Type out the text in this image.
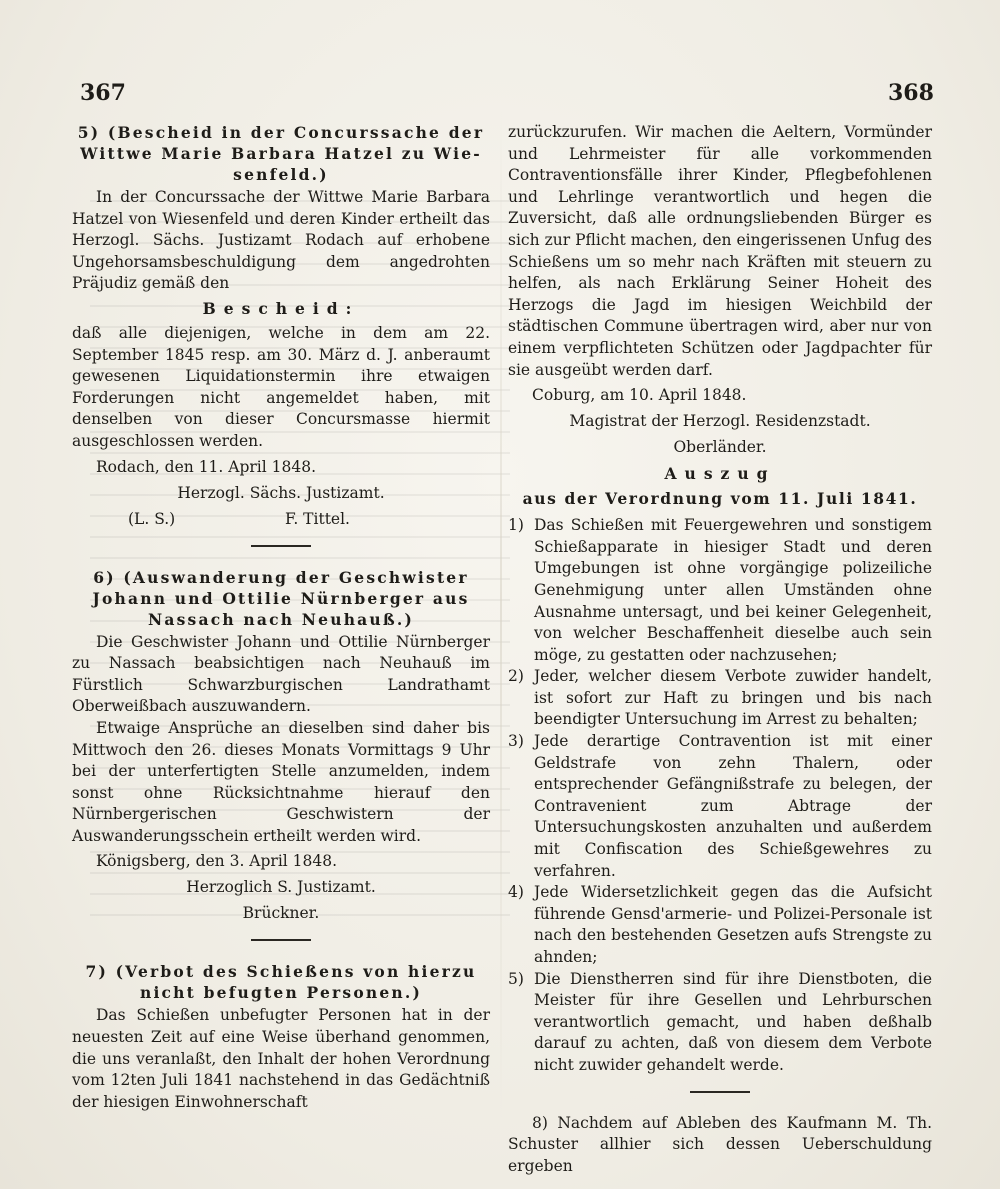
367	368

5) (Bescheid in der Concurssache der Wittwe Marie Barbara Hatzel zu Wie-senfeld.)

In der Concurssache der Wittwe Marie Barbara Hatzel von Wiesenfeld und deren Kinder ertheilt das Herzogl. Sächs. Justizamt Rodach auf erhobene Ungehorsamsbeschuldigung dem angedrohten Präjudiz gemäß den

Bescheid:

daß alle diejenigen, welche in dem am 22. September 1845 resp. am 30. März d. J. anberaumt gewesenen Liquidationstermin ihre etwaigen Forderungen nicht angemeldet haben, mit denselben von dieser Concursmasse hiermit ausgeschlossen werden.

Rodach, den 11. April 1848.

Herzogl. Sächs. Justizamt.

(L. S.)	F. Tittel.

6) (Auswanderung der Geschwister Johann und Ottilie Nürnberger aus Nassach nach Neuhauß.)

Die Geschwister Johann und Ottilie Nürnberger zu Nassach beabsichtigen nach Neuhauß im Fürstlich Schwarzburgischen Landrathamt Oberweißbach auszuwandern.

Etwaige Ansprüche an dieselben sind daher bis Mittwoch den 26. dieses Monats Vormittags 9 Uhr bei der unterfertigten Stelle anzumelden, indem sonst ohne Rücksichtnahme hierauf den Nürnbergerischen Geschwistern der Auswanderungsschein ertheilt werden wird.

Königsberg, den 3. April 1848.

Herzoglich S. Justizamt.

Brückner.

7) (Verbot des Schießens von hierzu nicht befugten Personen.)

Das Schießen unbefugter Personen hat in der neuesten Zeit auf eine Weise überhand genommen, die uns veranlaßt, den Inhalt der hohen Verordnung vom 12ten Juli 1841 nachstehend in das Gedächtniß der hiesigen Einwohnerschaft

zurückzurufen. Wir machen die Aeltern, Vormünder und Lehrmeister für alle vorkommenden Contraventionsfälle ihrer Kinder, Pflegbefohlenen und Lehrlinge verantwortlich und hegen die Zuversicht, daß alle ordnungsliebenden Bürger es sich zur Pflicht machen, den eingerissenen Unfug des Schießens um so mehr nach Kräften mit steuern zu helfen, als nach Erklärung Seiner Hoheit des Herzogs die Jagd im hiesigen Weichbild der städtischen Commune übertragen wird, aber nur von einem verpflichteten Schützen oder Jagdpachter für sie ausgeübt werden darf.

Coburg, am 10. April 1848.

Magistrat der Herzogl. Residenzstadt.

Oberländer.

Auszug

aus der Verordnung vom 11. Juli 1841.

1) Das Schießen mit Feuergewehren und sonstigem Schießapparate in hiesiger Stadt und deren Umgebungen ist ohne vorgängige polizeiliche Genehmigung unter allen Umständen ohne Ausnahme untersagt, und bei keiner Gelegenheit, von welcher Beschaffenheit dieselbe auch sein möge, zu gestatten oder nachzusehen;
2) Jeder, welcher diesem Verbote zuwider handelt, ist sofort zur Haft zu bringen und bis nach beendigter Untersuchung im Arrest zu behalten;
3) Jede derartige Contravention ist mit einer Geldstrafe von zehn Thalern, oder entsprechender Gefängnißstrafe zu belegen, der Contravenient zum Abtrage der Untersuchungskosten anzuhalten und außerdem mit Confiscation des Schießgewehres zu verfahren.
4) Jede Widersetzlichkeit gegen das die Aufsicht führende Gensd'armerie- und Polizei-Personale ist nach den bestehenden Gesetzen aufs Strengste zu ahnden;
5) Die Dienstherren sind für ihre Dienstboten, die Meister für ihre Gesellen und Lehrburschen verantwortlich gemacht, und haben deßhalb darauf zu achten, daß von diesem dem Verbote nicht zuwider gehandelt werde.

8) Nachdem auf Ableben des Kaufmann M. Th. Schuster allhier sich dessen Ueberschuldung ergeben
